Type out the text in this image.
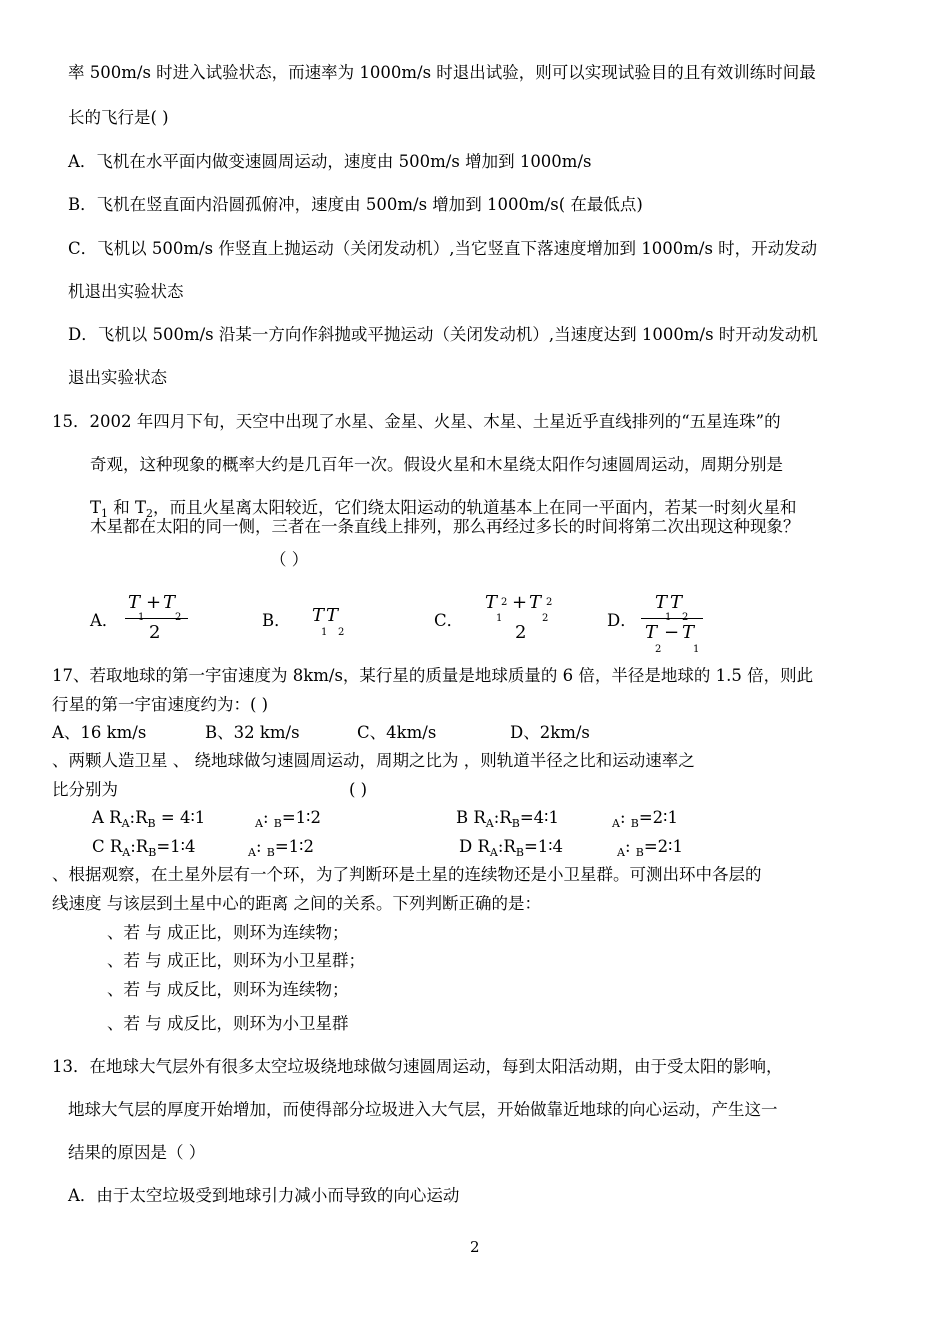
率 500m/s 时进入试验状态，而速率为 1000m/s 时退出试验，则可以实现试验目的且有效训练时间最
长的飞行是( )
A．飞机在水平面内做变速圆周运动，速度由 500m/s 增加到 1000m/s
B．飞机在竖直面内沿圆孤俯冲，速度由 500m/s 增加到 1000m/s( 在最低点)
C．飞机以 500m/s 作竖直上抛运动（关闭发动机）,当它竖直下落速度增加到 1000m/s 时，开动发动
机退出实验状态
D．飞机以 500m/s 沿某一方向作斜抛或平抛运动（关闭发动机）,当速度达到 1000m/s 时开动发动机
退出实验状态
15．2002 年四月下旬，天空中出现了水星、金星、火星、木星、土星近乎直线排列的“五星连珠”的
奇观，这种现象的概率大约是几百年一次。假设火星和木星绕太阳作匀速圆周运动，周期分别是
$T_1$ 和 $T_2$，而且火星离太阳较近，它们绕太阳运动的轨道基本上在同一平面内，若某一时刻火星和
木星都在太阳的同一侧，三者在一条直线上排列，那么再经过多长的时间将第二次出现这种现象？
（ ）
A．
T + T
2
B． T T
1 2
C．
T 2
1
+ T 2
2
2
D．
T T
T − T
2	1
17、若取地球的第一宇宙速度为 8km/s，某行星的质量是地球质量的 6 倍，半径是地球的 1.5 倍，则此
行星的第一宇宙速度约为：( )
A、16 km/s	B、32 km/s	C、4km/s	D、2km/s
、两颗人造卫星 、 绕地球做匀速圆周运动，周期之比为 ，则轨道半径之比和运动速率之
比分别为	( )
A $R_A:R_B$ = 4∶1	$_A$: $_B$=1∶2	B $R_A:R_B=4∶1$	$_A$: $_B$=2∶1
C $R_A:R_B=1∶4$	$_A$: $_B$=1∶2	D $R_A:R_B=1∶4$	$_A$: $_B$=2∶1
、根据观察，在土星外层有一个环，为了判断环是土星的连续物还是小卫星群。可测出环中各层的
线速度 与该层到土星中心的距离 之间的关系。下列判断正确的是：
、若 与 成正比，则环为连续物；
、若 与 成正比，则环为小卫星群；
、若 与 成反比，则环为连续物；
、若 与 成反比，则环为小卫星群
13．在地球大气层外有很多太空垃圾绕地球做匀速圆周运动，每到太阳活动期，由于受太阳的影响，
地球大气层的厚度开始增加，而使得部分垃圾进入大气层，开始做靠近地球的向心运动，产生这一
结果的原因是（ ）
A．由于太空垃圾受到地球引力减小而导致的向心运动
2
